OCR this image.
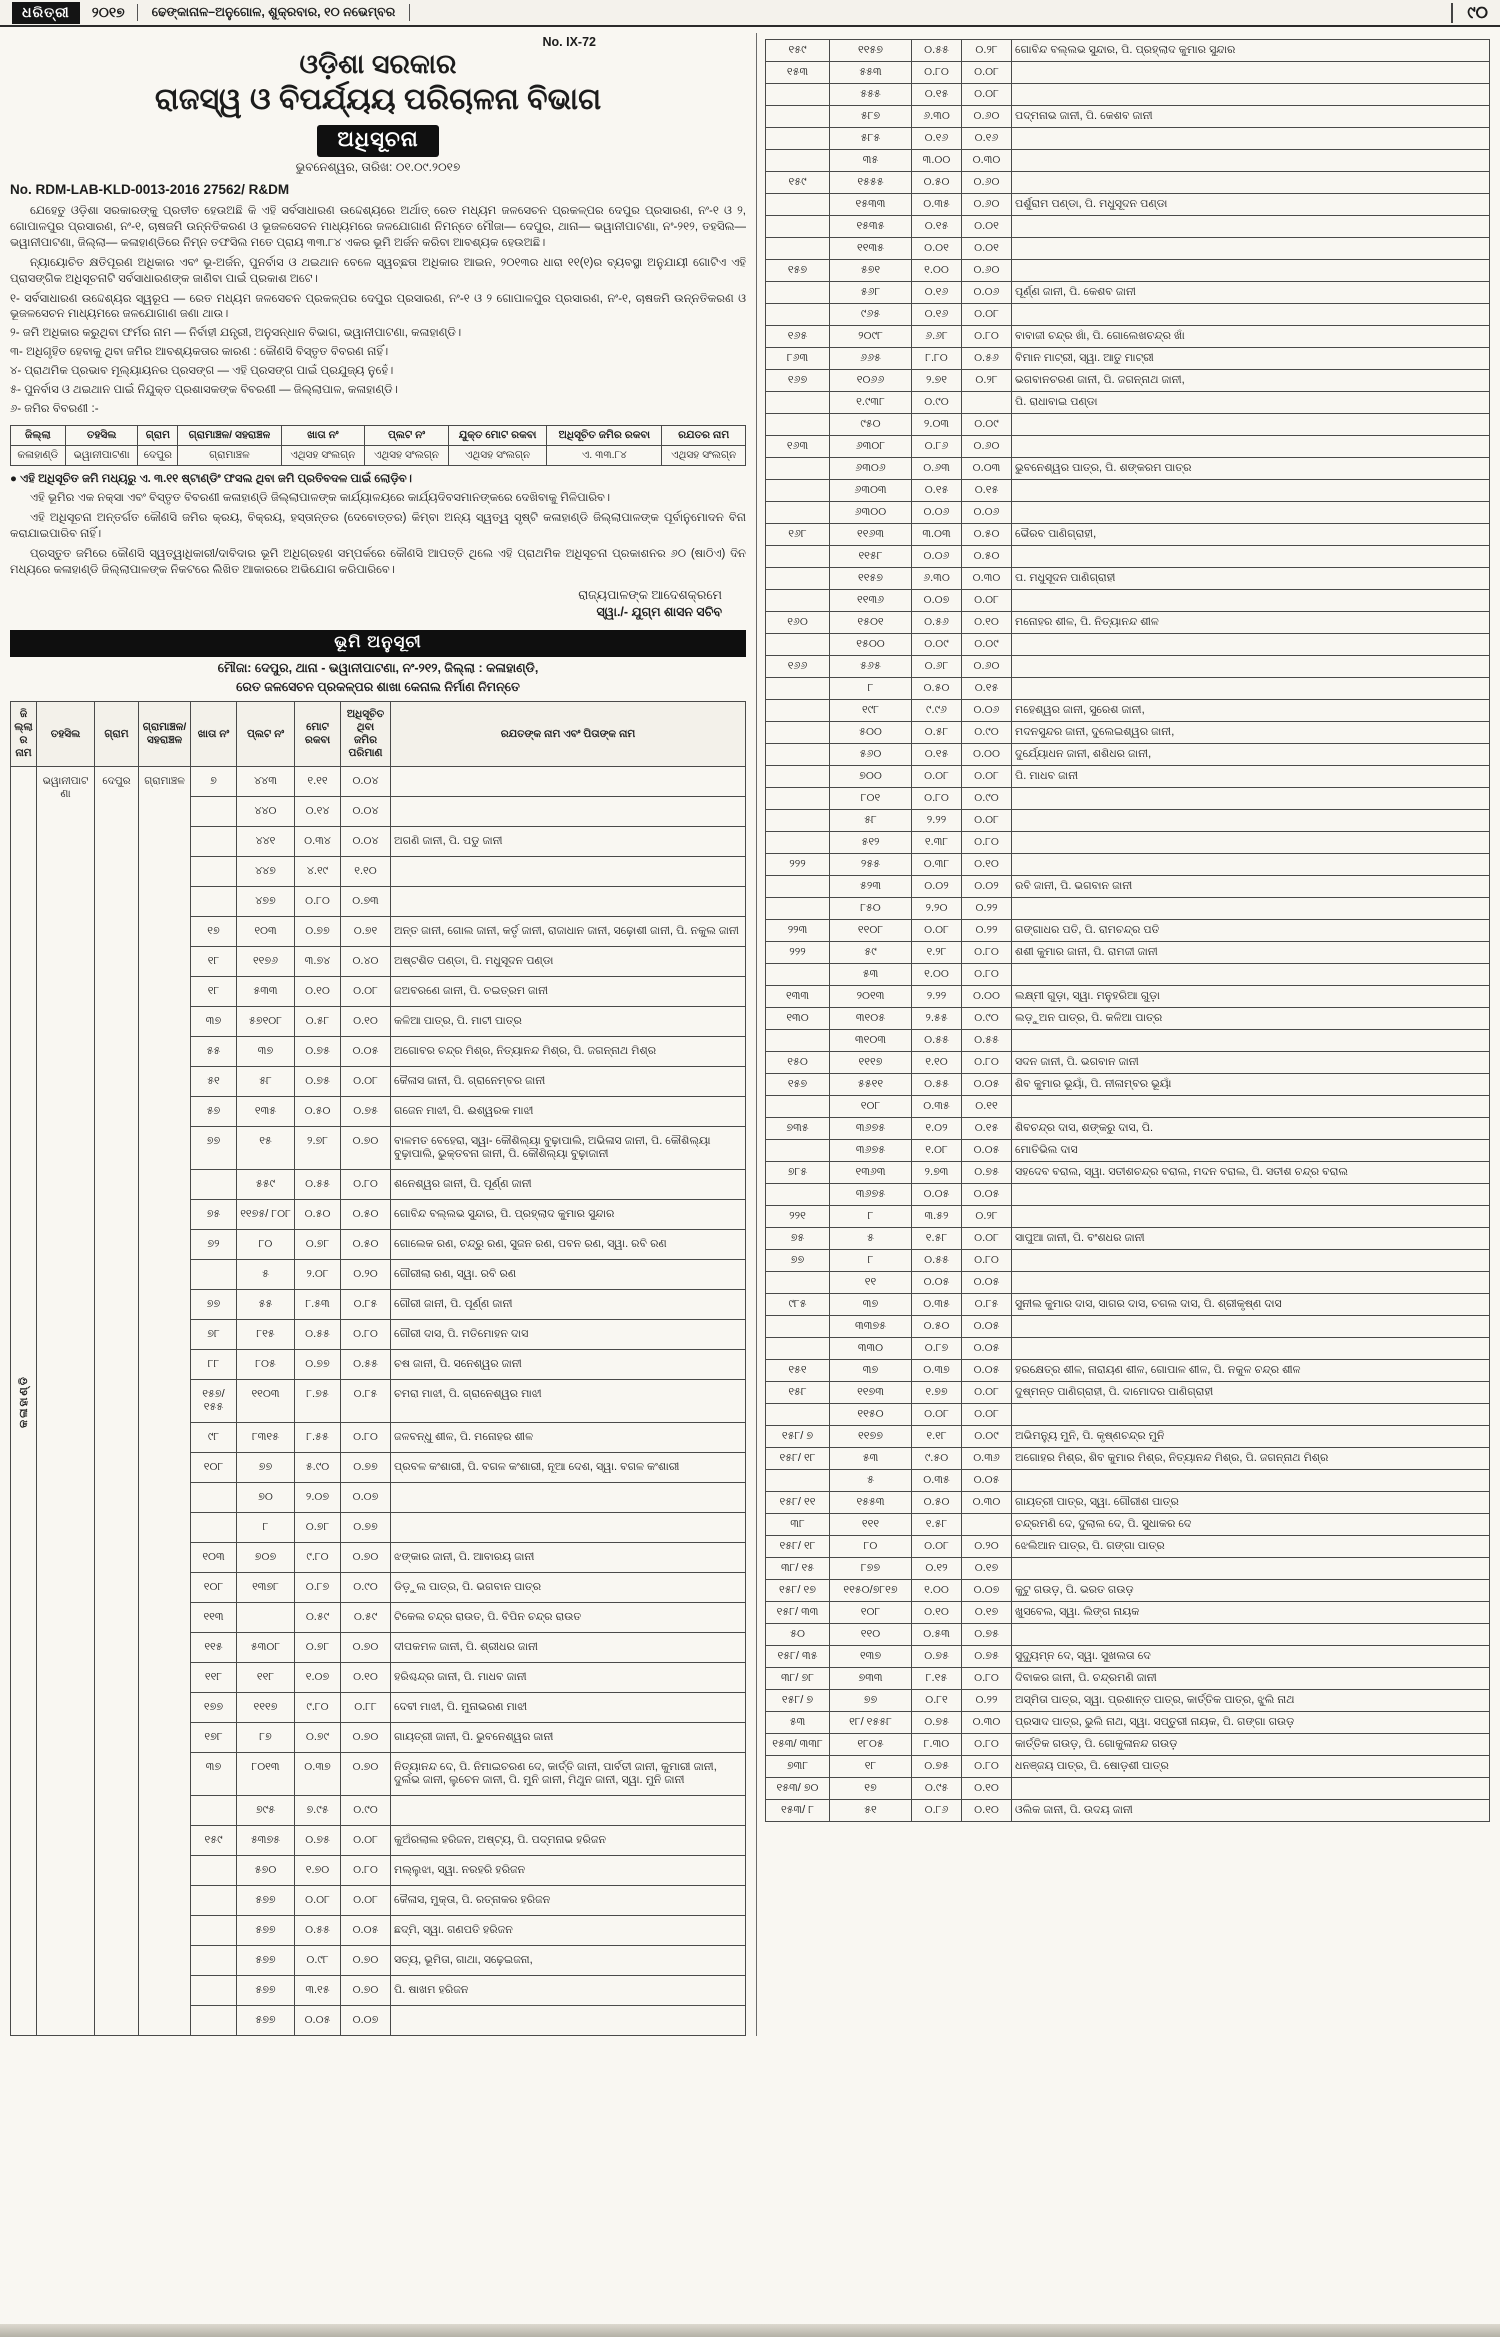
ଧରିତ୍ରୀ	୨୦୧୭	ଢେଙ୍କାନାଳ–ଅନୁଗୋଳ, ଶୁକ୍ରବାର, ୧୦ ନଭେମ୍ବର	୯୦
No. IX-72
ଓଡ଼ିଶା ସରକାର
ରାଜସ୍ୱ ଓ ବିପର୍ଯ୍ୟୟ ପରିଚାଳନା ବିଭାଗ
ଅଧିସୂଚନା
ଭୁବନେଶ୍ୱର, ତାରିଖ: ୦୧.୦୯.୨୦୧୭
No. RDM-LAB-KLD-0013-2016 27562/ R&DM

ଯେହେତୁ ଓଡ଼ିଶା ସରକାରଙ୍କୁ ପ୍ରତୀତ ହେଉଅଛି କି ଏହି ସର୍ବସାଧାରଣ ଉଦ୍ଦେଶ୍ୟରେ ଅର୍ଥାତ୍ ରେତ ମଧ୍ୟମ ଜଳସେଚନ ପ୍ରକଳ୍ପର ଦେପୁର ପ୍ରସାରଣ, ନଂ-୧ ଓ ୨, ଗୋପାଳପୁର ପ୍ରସାରଣ, ନଂ-୧, ଚାଷଜମି ଉନ୍ନତିକରଣ ଓ ଭୂଜଳସେଚନ ମାଧ୍ୟମରେ ଜଳଯୋଗାଣ ନିମନ୍ତେ ମୌଜା— ଦେପୁର, ଥାନା— ଭୱାନୀପାଟଣା, ନଂ-୨୧୨, ତହସିଲ— ଭୱାନୀପାଟଣା, ଜିଲ୍ଲା— କଳାହାଣ୍ଡିରେ ନିମ୍ନ ତଫସିଲ ମତେ ପ୍ରାୟ ୩୩.୮୪ ଏକର ଭୂମି ଅର୍ଜନ କରିବା ଆବଶ୍ୟକ ହେଉଅଛି।

ନ୍ୟାୟୋଚିତ କ୍ଷତିପୂରଣ ଅଧିକାର ଏବଂ ଭୂ-ଅର୍ଜନ, ପୁନର୍ବାସ ଓ ଥଇଥାନ ବେଳେ ସ୍ୱଚ୍ଛତା ଅଧିକାର ଆଇନ, ୨୦୧୩ର ଧାରା ୧୧(୧)ର ବ୍ୟବସ୍ଥା ଅନୁଯାୟୀ ଗୋଟିଏ ଏହି ପ୍ରାସଙ୍ଗିକ ଅଧିସୂଚନାଟି ସର୍ବସାଧାରଣଙ୍କ ଜାଣିବା ପାଇଁ ପ୍ରକାଶ ଅଟେ।

୧- ସର୍ବସାଧାରଣ ଉଦ୍ଦେଶ୍ୟର ସ୍ୱରୂପ — ରେତ ମଧ୍ୟମ ଜଳସେଚନ ପ୍ରକଳ୍ପର ଦେପୁର ପ୍ରସାରଣ, ନଂ-୧ ଓ ୨ ଗୋପାଳପୁର ପ୍ରସାରଣ, ନଂ-୧, ଚାଷଜମି ଉନ୍ନତିକରଣ ଓ ଭୂଜଳସେଚନ ମାଧ୍ୟମରେ ଜଳଯୋଗାଣ ଜଣା ଥାଉ।
୨- ଜମି ଅଧିକାର କରୁଥିବା ଫର୍ମର ନାମ — ନିର୍ବାହୀ ଯନ୍ତ୍ରୀ, ଅନୁସନ୍ଧାନ ବିଭାଗ, ଭୱାନୀପାଟଣା, କଳାହାଣ୍ଡି।
୩- ଅଧିଗୃହିତ ହେବାକୁ ଥିବା ଜମିର ଆବଶ୍ୟକତାର କାରଣ : କୌଣସି ବିସ୍ତୃତ ବିବରଣ ନାହିଁ।
୪- ପ୍ରାଥମିକ ପ୍ରଭାବ ମୂଲ୍ୟାୟନର ପ୍ରସଙ୍ଗ — ଏହି ପ୍ରସଙ୍ଗ ପାଇଁ ପ୍ରଯୁଜ୍ୟ ନୁହେଁ।
୫- ପୁନର୍ବାସ ଓ ଥଇଥାନ ପାଇଁ ନିଯୁକ୍ତ ପ୍ରଶାସକଙ୍କ ବିବରଣୀ — ଜିଲ୍ଲାପାଳ, କଳାହାଣ୍ଡି।
୬- ଜମିର ବିବରଣୀ :-
ଜିଲ୍ଲା	ତହସିଲ	ଗ୍ରାମ	ଗ୍ରାମାଞ୍ଚଳ/ ସହରାଞ୍ଚଳ	ଖାତା ନଂ	ପ୍ଲଟ ନଂ	ଯୁକ୍ତ ମୋଟ ରକବା	ଅଧିସୂଚିତ ଜମିର ରକବା	ରଯତର ନାମ
କଳାହାଣ୍ଡି	ଭୱାନୀପାଟଣା	ଦେପୁର	ଗ୍ରାମାଞ୍ଚଳ	ଏଥିସହ ସଂଲଗ୍ନ	ଏଥିସହ ସଂଲଗ୍ନ	ଏଥିସହ ସଂଲଗ୍ନ	ଏ. ୩୩.୮୪	ଏଥିସହ ସଂଲଗ୍ନ

● ଏହି ଅଧିସୂଚିତ ଜମି ମଧ୍ୟରୁ ଏ. ୩.୧୧ ଷ୍ଟାଣ୍ଡିଂ ଫସଲ ଥିବା ଜମି ପ୍ରତିବଦଳ ପାଇଁ ଲୋଡ଼ିବ।

ଏହି ଭୂମିର ଏକ ନକ୍ସା ଏବଂ ବିସ୍ତୃତ ବିବରଣୀ କଳାହାଣ୍ଡି ଜିଲ୍ଲାପାଳଙ୍କ କାର୍ଯ୍ୟାଳୟରେ କାର୍ଯ୍ୟଦିବସମାନଙ୍କରେ ଦେଖିବାକୁ ମିଳିପାରିବ।
ଏହି ଅଧିସୂଚନା ଅନ୍ତର୍ଗତ କୌଣସି ଜମିର କ୍ରୟ, ବିକ୍ରୟ, ହସ୍ତାନ୍ତର (ଦେବୋତ୍ତର) କିମ୍ବା ଅନ୍ୟ ସ୍ୱତ୍ୱ ସୃଷ୍ଟି କଳାହାଣ୍ଡି ଜିଲ୍ଲାପାଳଙ୍କ ପୂର୍ବାନୁମୋଦନ ବିନା କରାଯାଇପାରିବ ନାହିଁ।
ପ୍ରସ୍ତୁତ ଜମିରେ କୌଣସି ସ୍ୱତ୍ୱାଧିକାରୀ/ଦାବିଦାର ଭୂମି ଅଧିଗ୍ରହଣ ସମ୍ପର୍କରେ କୌଣସି ଆପତ୍ତି ଥିଲେ ଏହି ପ୍ରାଥମିକ ଅଧିସୂଚନା ପ୍ରକାଶନର ୬୦ (ଷାଠିଏ) ଦିନ ମଧ୍ୟରେ କଳାହାଣ୍ଡି ଜିଲ୍ଲାପାଳଙ୍କ ନିକଟରେ ଲିଖିତ ଆକାରରେ ଅଭିଯୋଗ କରିପାରିବେ।
ରାଜ୍ୟପାଳଙ୍କ ଆଦେଶକ୍ରମେ
ସ୍ୱା./- ଯୁଗ୍ମ ଶାସନ ସଚିବ
ଭୂମି ଅନୁସୂଚୀ
ମୌଜା: ଦେପୁର, ଥାନା - ଭୱାନୀପାଟଣା, ନଂ-୨୧୨, ଜିଲ୍ଲା : କଳାହାଣ୍ଡି,
ରେତ ଜଳସେଚନ ପ୍ରକଳ୍ପର ଶାଖା କେନାଲ ନିର୍ମାଣ ନିମନ୍ତେ
ଜିଲ୍ଲାର ନାମ	ତହସିଲ	ଗ୍ରାମ	ଗ୍ରାମାଞ୍ଚଳ/ ସହରାଞ୍ଚଳ	ଖାତା ନଂ	ପ୍ଲଟ ନଂ	ମୋଟ ରକବା	ଅଧିସୂଚିତ ଥିବା ଜମିର ପରିମାଣ	ରଯତଙ୍କ ନାମ ଏବଂ ପିତାଙ୍କ ନାମ
କଳାହାଣ୍ଡି	ଭୱାନୀପାଟଣା	ଦେପୁର	ଗ୍ରାମାଞ୍ଚଳ	୭	୪୪୩	୧.୧୧	୦.୦୪	
					୪୪୦	୦.୧୪	୦.୦୪	
					୪୪୧	୦.୩୪	୦.୦୪	ଅଗଣି ଜାନୀ, ପି. ପଡୁ ଜାନୀ
					୪୪୭	୪.୧୯	୧.୧୦	
					୪୭୭	୦.୮୦	୦.୭୩	
				୧୭	୧୦୩	୦.୭୭	୦.୭୧	ଅନ୍ତ ଜାନୀ, ଗୋଲ ଜାନୀ, କର୍ତୃ ଜାନୀ, ରାଜାଧାନ ଜାନୀ, ସଢ଼ୋଶୀ ଜାନୀ, ପି. ନକୁଲ ଜାନୀ
				୧୮	୧୧୭୬	୩.୭୪	୦.୪୦	ଅଷ୍ଟଶିତ ପଣ୍ଡା, ପି. ମଧୁସୂଦନ ପଣ୍ଡା
				୧୮	୫୩୩	୦.୧୦	୦.୦୮	ଜଅବରଣେ ଜାନୀ, ପି. ଚଇତ୍ରମ ଜାନୀ
				୩୭	୫୭୧୦୮	୦.୫୮	୦.୧୦	କଳିଆ ପାତ୍ର, ପି. ମାଟୀ ପାତ୍ର
				୫୫	୩୭	୦.୭୫	୦.୦୫	ଅଗୋବର ଚନ୍ଦ୍ର ମିଶ୍ର, ନିତ୍ୟାନନ୍ଦ ମିଶ୍ର, ପି. ଜଗନ୍ନାଥ ମିଶ୍ର
				୫୧	୫୮	୦.୭୫	୦.୦୮	କୈଳାସ ଜାନୀ, ପି. ଗ୍ରାନେମ୍ବର ଜାନୀ
				୫୭	୧୩୫	୦.୫୦	୦.୭୫	ଗଜେନ ମାଝୀ, ପି. ଈଶ୍ୱରକ ମାଝୀ
				୭୭	୧୫	୨.୭୮	୦.୭୦	ବାଳମତ ବେହେରା, ସ୍ୱା- କୌଶିଲ୍ୟା ବୁଢ଼ାପାଲି, ଅଭିଳାସ ଜାନୀ, ପି. କୌଶିଲ୍ୟା ବୁଢ଼ାପାଲି, ଭୁକ୍ତବନା ଜାନୀ, ପି. କୌଶିଲ୍ୟା ବୁଢ଼ାଜାନୀ
					୫୫୯	୦.୫୫	୦.୮୦	ଶନେଶ୍ୱର ଜାନୀ, ପି. ପୂର୍ଣ୍ଣ ଜାନୀ
				୭୫	୧୧୭୫/ ୮୦୮	୦.୫୦	୦.୫୦	ଗୋବିନ୍ଦ ବଲ୍ଲଭ ସୁନ୍ଦାର, ପି. ପ୍ରହ୍ଲାଦ କୁମାର ସୁନ୍ଦାର
				୭୨	୮୦	୦.୭୮	୦.୫୦	ଗୋଲେକ ରଣ, ଚନ୍ଦ୍ରୁ ରଣ, ସୁଜନ ରଣ, ପବନ ରଣ, ସ୍ୱା. ରବି ରଣ
					୫	୨.୦୮	୦.୨୦	ଗୌରୀଲା ରଣ, ସ୍ୱା. ରବି ରଣ
				୭୭	୫୫	୮.୫୩	୦.୮୫	ଗୌରୀ ଜାନୀ, ପି. ପୂର୍ଣ୍ଣ ଜାନୀ
				୭୮	୮୧୫	୦.୫୫	୦.୮୦	ଗୌରୀ ଦାସ, ପି. ମତିମୋହନ ଦାସ
				୮୮	୮୦୫	୦.୭୭	୦.୫୫	ଚଷ ଜାନୀ, ପି. ସନେଶ୍ୱର ଜାନୀ
				୧୫୭/ ୧୫୫	୧୧୦୩	୮.୭୫	୦.୮୫	ଚମରା ମାଝୀ, ପି. ଗ୍ରାନେଶ୍ୱର ମାଝୀ
				୯୮	୮୩୧୫	୮.୫୫	୦.୮୦	ଜଳବନ୍ଧୁ ଶୀଳ, ପି. ମନୋହର ଶୀଳ
				୧୦୮	୭୭	୫.୯୦	୦.୭୭	ପ୍ରବଳ କଂଶାରୀ, ପି. ବଗଳ କଂଶାରୀ, ନୂଆ ଦେଶ, ସ୍ୱା. ବଗଳ କଂଶାରୀ
					୭୦	୨.୦୭	୦.୦୭	
					୮	୦.୭୮	୦.୭୭	
				୧୦୩	୭୦୭	୯.୮୦	୦.୭୦	ଝଙ୍କାର ଜାନୀ, ପି. ଆବାରୟ ଜାନୀ
				୧୦୮	୧୩୭୮	୦.୮୭	୦.୯୦	ଡିଡ଼ୁଲ ପାତ୍ର, ପି. ଭଗବାନ ପାତ୍ର
				୧୧୩		୦.୫୯	୦.୫୯	ଟିକେଲ ଚନ୍ଦ୍ର ରାଉତ, ପି. ବିପିନ ଚନ୍ଦ୍ର ରାଉତ
				୧୧୫	୫୩୦୮	୦.୭୮	୦.୭୦	ଦୀପକମଳ ଜାନୀ, ପି. ଶ୍ରୀଧର ଜାନୀ
				୧୧୮	୧୧୮	୧.୦୭	୦.୧୦	ହରିଶ୍ଚନ୍ଦ୍ର ଜାନୀ, ପି. ମାଧବ ଜାନୀ
				୧୭୭	୧୧୧୭	୯.୮୦	୦.୮୮	ଦେବୀ ମାଝୀ, ପି. ମୁନାଭରଣ ମାଝୀ
				୧୭୮	୮୭	୦.୭୯	୦.୭୦	ଗାୟତ୍ରୀ ଜାନୀ, ପି. ଭୁବନେଶ୍ୱର ଜାନୀ
				୩୭	୮୦୧୩	୦.୩୭	୦.୭୦	ନିତ୍ୟାନନ୍ଦ ଦେ, ପି. ନିମାଇଚରଣ ଦେ, କାର୍ତ୍ତି ଜାନୀ, ପାର୍ବତୀ ଜାନୀ, କୁମାରୀ ଜାନୀ, ଦୁର୍ଲଭ ଜାନୀ, ଲୁଚେନ ଜାନୀ, ପି. ମୁନି ଜାନୀ, ମିଥୁନ ଜାନୀ, ସ୍ୱା. ମୁନି ଜାନୀ
					୭୯୫	୭.୯୫	୦.୯୦	
				୧୫୯	୫୩୭୫	୦.୭୫	୦.୦୮	କୁଅଁରଲାଲ ହରିଜନ, ଅଷ୍ଟ୍ୟ, ପି. ପଦ୍ମନାଭ ହରିଜନ
					୫୭୦	୧.୭୦	୦.୮୦	ମଲ୍ଲୁଝା, ସ୍ୱା. ନରହରି ହରିଜନ
					୫୭୭	୦.୦୮	୦.୦୮	କୈଳାସ, ମୁକ୍ତା, ପି. ରତ୍ନାକର ହରିଜନ
					୫୭୭	୦.୫୫	୦.୦୫	ଛଦ୍ମି, ସ୍ୱା. ଗଣପତି ହରିଜନ
					୫୭୭	୦.୯୮	୦.୭୦	ସତ୍ୟ, ଭୂମିତା, ଗାଥା, ସଢ଼େଇଜନା,
					୫୭୭	୩.୧୫	୦.୭୦	ପି. ଷାଖମ ହରିଜନ
					୫୭୭	୦.୦୫	୦.୦୭	
୧୫୯	୧୧୫୭	୦.୫୫	୦.୨୮	ଗୋବିନ୍ଦ ବଲ୍ଲଭ ସୁନ୍ଦାର, ପି. ପ୍ରହ୍ଲାଦ କୁମାର ସୁନ୍ଦାର
୧୫୩	୫୫୩	୦.୮୦	୦.୦୮	
	୫୫୫	୦.୧୫	୦.୦୮	
	୫୮୭	୬.୩୦	୦.୬୦	ପଦ୍ମନାଭ ଜାନୀ, ପି. କେଶବ ଜାନୀ
	୫୮୫	୦.୧୬	୦.୧୬	
	୩୫	୩.୦୦	୦.୩୦	
୧୫୯	୧୫୫୫	୦.୫୦	୦.୬୦	
	୧୫୩୩	୦.୩୫	୦.୬୦	ପର୍ଶୁରାମ ପଣ୍ଡା, ପି. ମଧୁସୂଦନ ପଣ୍ଡା
	୧୫୩୫	୦.୧୫	୦.୦୧	
	୧୧୩୫	୦.୦୧	୦.୦୧	
୧୫୭	୫୭୧	୧.୦୦	୦.୬୦	
	୫୬୮	୦.୧୬	୦.୦୬	ପୂର୍ଣ୍ଣ ଜାନୀ, ପି. କେଶବ ଜାନୀ
	୯୬୫	୦.୧୬	୦.୦୮	
୧୬୫	୨୦୯୮	୬.୬୮	୦.୮୦	ବାବାଜୀ ଚନ୍ଦ୍ର ଖାଁ, ପି. ଗୋଲେଖଚନ୍ଦ୍ର ଖାଁ
୮୬୩	୬୬୫	୮.୮୦	୦.୫୬	ବିମାନ ମାଟ୍ରୀ, ସ୍ୱା. ଆତୁ ମାଟ୍ରୀ
୧୬୭	୧୦୬୬	୨.୭୧	୦.୨୮	ଭଗବାନଚରଣ ଜାନୀ, ପି. ଜଗନ୍ନାଥ ଜାନୀ,
	୧.୯୩୮	୦.୯୦		ପି. ରାଧାବାଇ ପଣ୍ଡା
	୯୫୦	୨.୦୩	୦.୦୯	
୧୬୩	୬୩୦୮	୦.୮୬	୦.୬୦	
	୬୩୦୬	୦.୬୩	୦.୦୩	ଭୁବନେଶ୍ୱର ପାତ୍ର, ପି. ଶଙ୍କରମ ପାତ୍ର
	୬୩୦୩	୦.୧୫	୦.୧୫	
	୬୩୦୦	୦.୦୬	୦.୦୬	
୧୬୮	୧୧୬୩	୩.୦୩	୦.୫୦	ଭୈରବ ପାଣିଗ୍ରାହୀ,
	୧୧୫୮	୦.୦୬	୦.୫୦	
	୧୧୫୭	୬.୩୦	୦.୩୦	ପ. ମଧୁସୂଦନ ପାଣିଗ୍ରାହୀ
	୧୧୩୬	୦.୦୭	୦.୦୮	
୧୬୦	୧୫୦୧	୦.୫୬	୦.୧୦	ମନୋହର ଶୀଳ, ପି. ନିତ୍ୟାନନ୍ଦ ଶୀଳ
	୧୫୦୦	୦.୦୯	୦.୦୯	
୧୬୬	୫୬୫	୦.୬୮	୦.୬୦	
	୮	୦.୫୦	୦.୧୫	
	୧୯୮	୯.୯୬	୦.୦୬	ମହେଶ୍ୱର ଜାନୀ, ସୁରେଶ ଜାନୀ,
	୫୦୦	୦.୫୮	୦.୯୦	ମଦନସୁନ୍ଦର ଜାନୀ, ଦୁଲେଇଶ୍ୱର ଜାନୀ,
	୫୬୦	୦.୧୫	୦.୦୦	ଦୁର୍ଯ୍ୟୋଧନ ଜାନୀ, ଶଶିଧର ଜାନୀ,
	୭୦୦	୦.୦୮	୦.୦୮	ପି. ମାଧବ ଜାନୀ
	୮୦୧	୦.୮୦	୦.୯୦	
	୫୮	୨.୨୨	୦.୦୮	
	୫୧୨	୧.୩୮	୦.୮୦	
୨୨୨	୨୫୫	୦.୩୮	୦.୧୦	
	୫୨୩	୦.୦୨	୦.୦୨	ରବି ଜାନୀ, ପି. ଭଗବାନ ଜାନୀ
	୮୫୦	୨.୨୦	୦.୨୨	
୨୨୩	୧୧୦୮	୦.୦୮	୦.୨୨	ଗଙ୍ଗାଧର ପତି, ପି. ରାମଚନ୍ଦ୍ର ପତି
୨୨୨	୫୯	୧.୨୮	୦.୮୦	ଶଶୀ କୁମାର ଜାନୀ, ପି. ରାମଜୀ ଜାନୀ
	୫୩	୧.୦୦	୦.୮୦	
୧୩୩	୨୦୧୩	୨.୨୨	୦.୦୦	ଲକ୍ଷ୍ମୀ ଗୁଡ଼ା, ସ୍ୱା. ମନୁହରିଆ ଗୁଡ଼ା
୧୩୦	୩୧୦୫	୨.୫୫	୦.୯୦	ଲଡ଼ୁଅନ ପାତ୍ର, ପି. କଳିଆ ପାତ୍ର
	୩୧୦୩	୦.୫୫	୦.୫୫	
୧୫୦	୧୧୧୭	୧.୧୦	୦.୮୦	ସଦନ ଜାନୀ, ପି. ଭଗବାନ ଜାନୀ
୧୫୭	୫୫୧୧	୦.୫୫	୦.୦୫	ଶିବ କୁମାର ଭୂୟାଁ, ପି. ନୀଳାମ୍ବର ଭୂୟାଁ
	୧୦୮	୦.୩୫	୦.୧୧	
୭୩୫	୩୬୭୫	୧.୦୨	୦.୧୫	ଶିବଚନ୍ଦ୍ର ଦାସ, ଶଙ୍କରୁ ଦାସ, ପି.
	୩୬୭୫	୧.୦୮	୦.୦୫	ମୋତିଭିଲ ଦାସ
୭୮୫	୧୩୬୩	୨.୭୩	୦.୭୫	ସହଦେବ ବରାଲ, ସ୍ୱା. ସତୀଶଚନ୍ଦ୍ର ବରାଲ, ମଦନ ବରାଲ, ପି. ସତୀଶ ଚନ୍ଦ୍ର ବରାଲ
	୩୬୭୫	୦.୦୫	୦.୦୫	
୨୨୧	୮	୩.୫୨	୦.୨୮	
୭୫	୫	୧.୫୮	୦.୦୮	ସାପୁଆ ଜାନୀ, ପି. ବଂଶଧର ଜାନୀ
୭୭	୮	୦.୫୫	୦.୮୦	
	୧୧	୦.୦୫	୦.୦୫	
୯୮୫	୩୭	୦.୩୫	୦.୮୫	ସୁନୀଲ କୁମାର ଦାସ, ସାଗର ଦାସ, ଚଗଲ ଦାସ, ପି. ଶ୍ରୀକୃଷ୍ଣ ଦାସ
	୩୩୭୫	୦.୫୦	୦.୦୫	
	୩୩୦	୦.୮୭	୦.୦୫	
୧୫୧	୩୭	୦.୩୭	୦.୦୫	ହରକ୍ଷେତ୍ର ଶୀଳ, ନାରାୟଣ ଶୀଳ, ଗୋପାଳ ଶୀଳ, ପି. ନକୁଳ ଚନ୍ଦ୍ର ଶୀଳ
୧୫୮	୧୧୭୩	୧.୭୭	୦.୦୮	ଦୁଷ୍ମନ୍ତ ପାଣିଗ୍ରାହୀ, ପି. ଦାମୋଦର ପାଣିଗ୍ରାହୀ
	୧୧୫୦	୦.୦୮	୦.୦୮	
୧୫୮/ ୭	୧୧୭୭	୧.୧୮	୦.୦୯	ଅଭିମନ୍ୟୁ ମୁନି, ପି. କୃଷ୍ଣଚନ୍ଦ୍ର ମୁନି
୧୫୮/ ୧୮	୫୩	୯.୫୦	୦.୩୬	ଅଗୋହର ମିଶ୍ର, ଶିବ କୁମାର ମିଶ୍ର, ନିତ୍ୟାନନ୍ଦ ମିଶ୍ର, ପି. ଜଗନ୍ନାଥ ମିଶ୍ର
	୫	୦.୩୫	୦.୦୫	
୧୫୮/ ୧୧	୧୫୫୩	୦.୫୦	୦.୩୦	ଗାୟତ୍ରୀ ପାତ୍ର, ସ୍ୱା. ଗୌରୀଶ ପାତ୍ର
୩୮	୧୧୧	୧.୫୮		ଚନ୍ଦ୍ରମଣି ଦେ, ଦୁଲାଲ ଦେ, ପି. ସୁଧାକର ଦେ
୧୫୮/ ୧୮	୮୦	୦.୦୮	୦.୨୦	ଝେଲିଆନ ପାତ୍ର, ପି. ଗଙ୍ଗା ପାତ୍ର
୩୮/ ୧୫	୮୭୭	୦.୧୨	୦.୧୭	
୧୫୮/ ୧୭	୧୧୫୦/୭୮୧୭	୧.୦୦	୦.୦୭	କୁଟୁ ଗଉଡ଼, ପି. ଭରତ ଗଉଡ଼
୧୫୮/ ୩୩	୧୦୮	୦.୧୦	୦.୧୭	ଖୁସବେଲ, ସ୍ୱା. ଲିଙ୍ଗ ନାୟକ
୫୦	୧୧୦	୦.୫୩	୦.୭୫	
୧୫୮/ ୩୫	୧୩୭	୦.୭୫	୦.୭୫	ସୁଦ୍ୟୁମ୍ନ ଦେ, ସ୍ୱା. ସୁଖଲତା ଦେ
୩୮/ ୭୮	୭୩୩	୮.୧୫	୦.୮୦	ଦିବାକର ଜାନୀ, ପି. ଚନ୍ଦ୍ରମଣି ଜାନୀ
୧୫୮/ ୭	୭୭	୦.୮୧	୦.୨୨	ଅସ୍ମିତା ପାତ୍ର, ସ୍ୱା. ପ୍ରଶାନ୍ତ ପାତ୍ର, କାର୍ତ୍ତିକ ପାତ୍ର, ଝୁଲି ନାଥ
୫୩	୧୮/ ୧୫୫୮	୦.୭୫	୦.୩୦	ପ୍ରସାଦ ପାତ୍ର, ଭୁଲି ନାଥ, ସ୍ୱା. ସପ୍ତୁରୀ ନାୟକ, ପି. ଗଙ୍ଗା ଗଉଡ଼
୧୫୩/ ୩୩୮	୧୮୦୫	୮.୩୦	୦.୮୦	କାର୍ତ୍ତିକ ଗଉଡ଼, ପି. ଗୋକୁଳାନନ୍ଦ ଗଉଡ଼
୭୩୮	୧୮	୦.୭୫	୦.୮୦	ଧନଞ୍ଜୟ ପାତ୍ର, ପି. ଷୋଡ଼ଶୀ ପାତ୍ର
୧୫୩/ ୭୦	୧୭	୦.୯୫	୦.୧୦	
୧୫୩/ ୮	୫୧	୦.୮୬	୦.୧୦	ଓଲିକ ଜାନୀ, ପି. ଉଦୟ ଜାନୀ
